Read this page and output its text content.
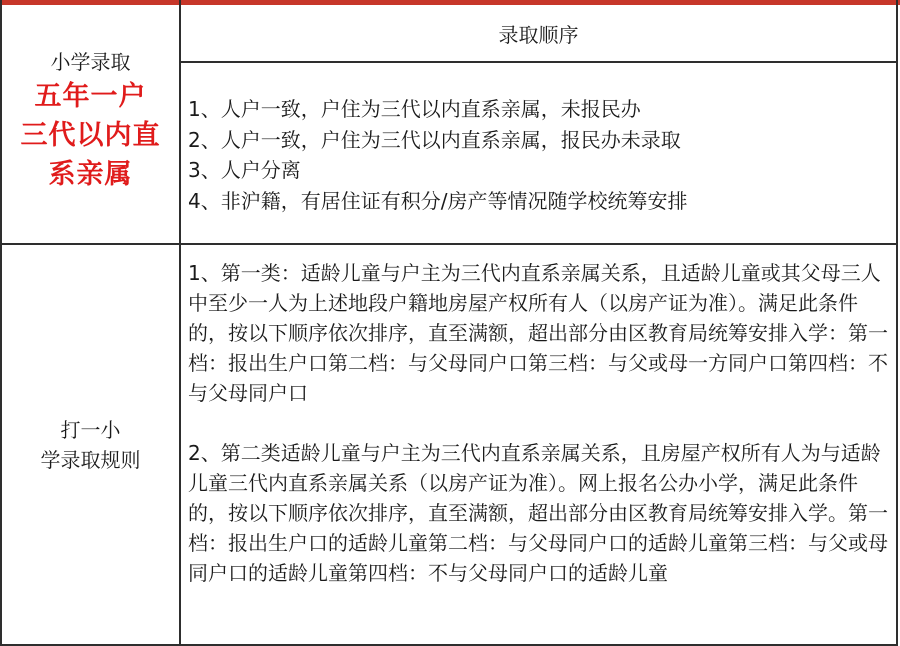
小学录取
五年一户
三代以内直
系亲属
录取顺序
1、人户一致，户住为三代以内直系亲属，未报民办
2、人户一致，户住为三代以内直系亲属，报民办未录取
3、人户分离
4、非沪籍，有居住证有积分/房产等情况随学校统筹安排
打一小
学录取规则

1、第一类：适龄儿童与户主为三代内直系亲属关系，且适龄儿童或其父母三人中至少一人为上述地段户籍地房屋产权所有人（以房产证为准）。满足此条件的，按以下顺序依次排序，直至满额，超出部分由区教育局统筹安排入学：第一档：报出生户口第二档：与父母同户口第三档：与父或母一方同户口第四档：不与父母同户口

2、第二类适龄儿童与户主为三代内直系亲属关系，且房屋产权所有人为与适龄儿童三代内直系亲属关系（以房产证为准）。网上报名公办小学，满足此条件的，按以下顺序依次排序，直至满额，超出部分由区教育局统筹安排入学。第一档：报出生户口的适龄儿童第二档：与父母同户口的适龄儿童第三档：与父或母同户口的适龄儿童第四档：不与父母同户口的适龄儿童
